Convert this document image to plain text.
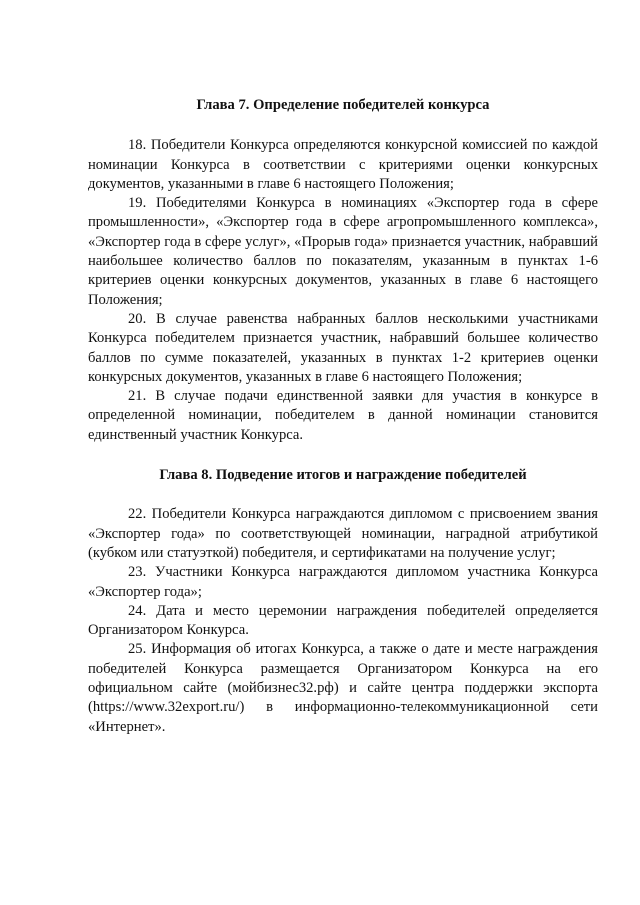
Глава 7. Определение победителей конкурса

18. Победители Конкурса определяются конкурсной комиссией по каждой номинации Конкурса в соответствии с критериями оценки конкурсных документов, указанными в главе 6 настоящего Положения;

19. Победителями Конкурса в номинациях «Экспортер года в сфере промышленности», «Экспортер года в сфере агропромышленного комплекса», «Экспортер года в сфере услуг», «Прорыв года» признается участник, набравший наибольшее количество баллов по показателям, указанным в пунктах 1-6 критериев оценки конкурсных документов, указанных в главе 6 настоящего Положения;

20. В случае равенства набранных баллов несколькими участниками Конкурса победителем признается участник, набравший большее количество баллов по сумме показателей, указанных в пунктах 1-2 критериев оценки конкурсных документов, указанных в главе 6 настоящего Положения;

21. В случае подачи единственной заявки для участия в конкурсе в определенной номинации, победителем в данной номинации становится единственный участник Конкурса.

Глава 8. Подведение итогов и награждение победителей

22. Победители Конкурса награждаются дипломом с присвоением звания «Экспортер года» по соответствующей номинации, наградной атрибутикой (кубком или статуэткой) победителя, и сертификатами на получение услуг;

23. Участники Конкурса награждаются дипломом участника Конкурса «Экспортер года»;

24. Дата и место церемонии награждения победителей определяется Организатором Конкурса.

25. Информация об итогах Конкурса, а также о дате и месте награждения победителей Конкурса размещается Организатором Конкурса на его официальном сайте (мойбизнес32.рф) и сайте центра поддержки экспорта (https://www.32export.ru/) в информационно-телекоммуникационной сети «Интернет».
